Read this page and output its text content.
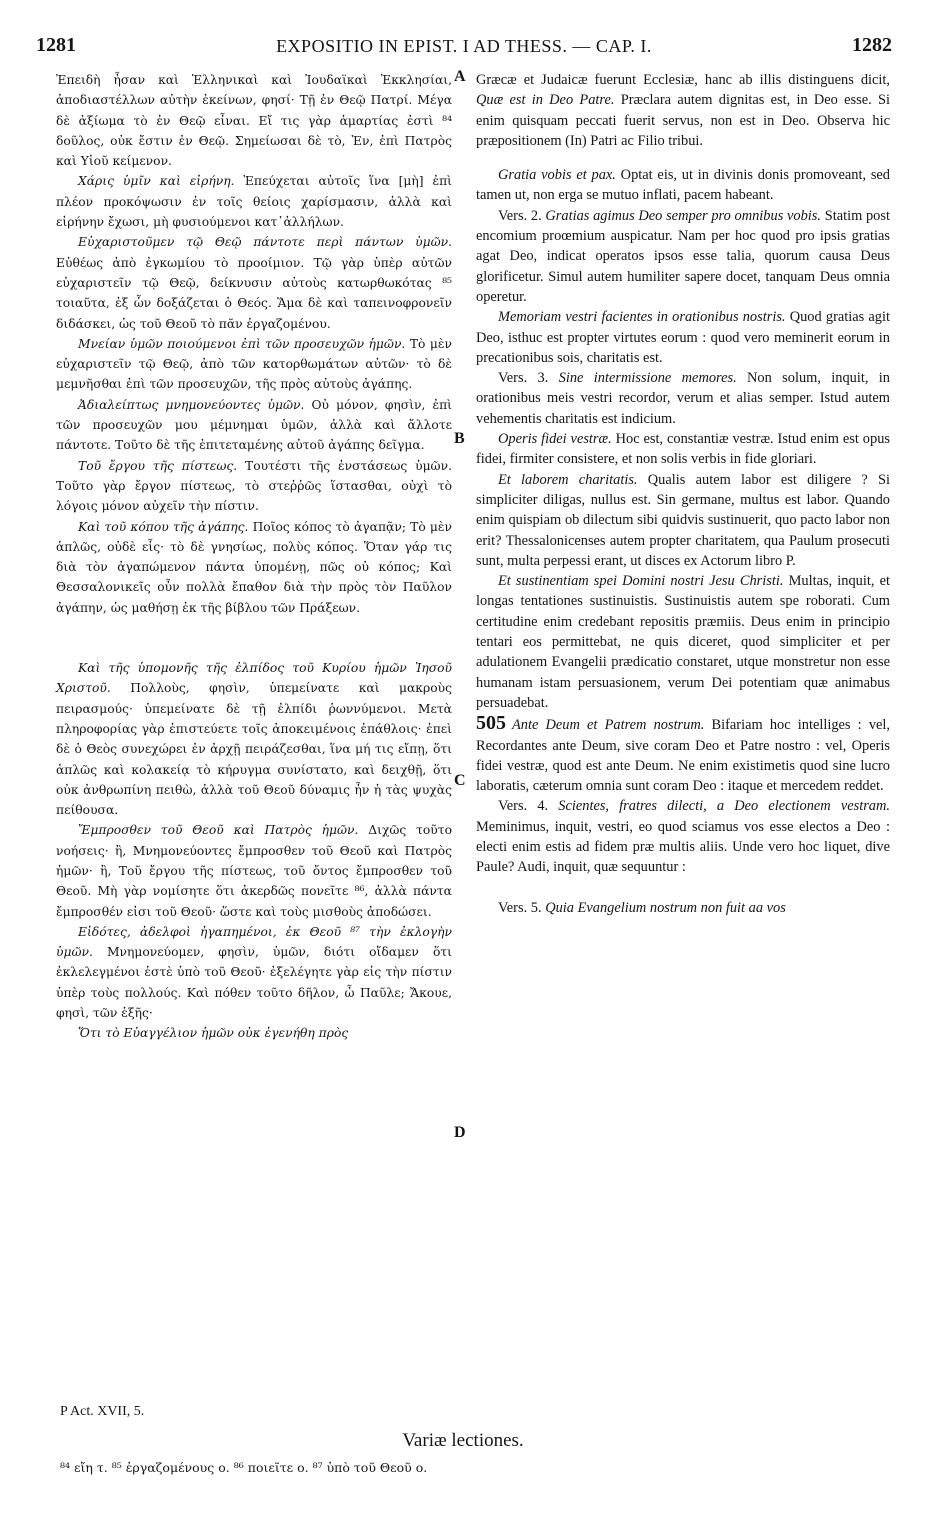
1281	EXPOSITIO IN EPIST. I AD THESS. — CAP. I.	1282
A
B
C
D

Ἐπειδὴ ἦσαν καὶ Ἑλληνικαὶ καὶ Ἰουδαϊκαὶ Ἐκκλησίαι, ἀποδιαστέλλων αὐτὴν ἐκείνων, φησί· Τῇ ἐν Θεῷ Πατρί. Μέγα δὲ ἀξίωμα τὸ ἐν Θεῷ εἶναι. Εἴ τις γὰρ ἁμαρτίας ἐστὶ ⁸⁴ δοῦλος, οὐκ ἔστιν ἐν Θεῷ. Σημείωσαι δὲ τὸ, Ἐν, ἐπὶ Πατρὸς καὶ Υἱοῦ κείμενον.

Χάρις ὑμῖν καὶ εἰρήνη. Ἐπεύχεται αὐτοῖς ἵνα [μὴ] ἐπὶ πλέον προκόψωσιν ἐν τοῖς θείοις χαρίσμασιν, ἀλλὰ καὶ εἰρήνην ἔχωσι, μὴ φυσιούμενοι κατ᾽ἀλλήλων.

Εὐχαριστοῦμεν τῷ Θεῷ πάντοτε περὶ πάντων ὑμῶν. Εὐθέως ἀπὸ ἐγκωμίου τὸ προοίμιον. Τῷ γὰρ ὑπὲρ αὐτῶν εὐχαριστεῖν τῷ Θεῷ, δείκνυσιν αὐτοὺς κατωρθωκότας ⁸⁵ τοιαῦτα, ἐξ ὧν δοξάζεται ὁ Θεός. Ἅμα δὲ καὶ ταπεινοφρονεῖν διδάσκει, ὡς τοῦ Θεοῦ τὸ πᾶν ἐργαζομένου.

Μνείαν ὑμῶν ποιούμενοι ἐπὶ τῶν προσευχῶν ἡμῶν. Τὸ μὲν εὐχαριστεῖν τῷ Θεῷ, ἀπὸ τῶν κατορθωμάτων αὐτῶν· τὸ δὲ μεμνῆσθαι ἐπὶ τῶν προσευχῶν, τῆς πρὸς αὐτοὺς ἀγάπης.

Ἀδιαλείπτως μνημονεύοντες ὑμῶν. Οὐ μόνον, φησὶν, ἐπὶ τῶν προσευχῶν μου μέμνημαι ὑμῶν, ἀλλὰ καὶ ἄλλοτε πάντοτε. Τοῦτο δὲ τῆς ἐπιτεταμένης αὐτοῦ ἀγάπης δεῖγμα.

Τοῦ ἔργου τῆς πίστεως. Τουτέστι τῆς ἐνστάσεως ὑμῶν. Τοῦτο γὰρ ἔργον πίστεως, τὸ στεῤῥῶς ἵστασθαι, οὐχὶ τὸ λόγοις μόνον αὐχεῖν τὴν πίστιν.

Καὶ τοῦ κόπου τῆς ἀγάπης. Ποῖος κόπος τὸ ἀγαπᾷν; Τὸ μὲν ἁπλῶς, οὐδὲ εἷς· τὸ δὲ γνησίως, πολὺς κόπος. Ὅταν γάρ τις διὰ τὸν ἀγαπώμενον πάντα ὑπομένῃ, πῶς οὐ κόπος; Καὶ Θεσσαλονικεῖς οὖν πολλὰ ἔπαθον διὰ τὴν πρὸς τὸν Παῦλον ἀγάπην, ὡς μαθήσῃ ἐκ τῆς βίβλου τῶν Πράξεων.

Καὶ τῆς ὑπομονῆς τῆς ἐλπίδος τοῦ Κυρίου ἡμῶν Ἰησοῦ Χριστοῦ. Πολλοὺς, φησὶν, ὑπεμείνατε καὶ μακροὺς πειρασμούς· ὑπεμείνατε δὲ τῇ ἐλπίδι ῥωννύμενοι. Μετὰ πληροφορίας γὰρ ἐπιστεύετε τοῖς ἀποκειμένοις ἐπάθλοις· ἐπεὶ δὲ ὁ Θεὸς συνεχώρει ἐν ἀρχῇ πειράζεσθαι, ἵνα μή τις εἴπῃ, ὅτι ἁπλῶς καὶ κολακείᾳ τὸ κήρυγμα συνίστατο, καὶ δειχθῇ, ὅτι οὐκ ἀνθρωπίνη πειθὼ, ἀλλὰ τοῦ Θεοῦ δύναμις ἦν ἡ τὰς ψυχὰς πείθουσα.

Ἔμπροσθεν τοῦ Θεοῦ καὶ Πατρὸς ἡμῶν. Διχῶς τοῦτο νοήσεις· ἢ, Μνημονεύοντες ἔμπροσθεν τοῦ Θεοῦ καὶ Πατρὸς ἡμῶν· ἢ, Τοῦ ἔργου τῆς πίστεως, τοῦ ὄντος ἔμπροσθεν τοῦ Θεοῦ. Μὴ γὰρ νομίσητε ὅτι ἀκερδῶς πονεῖτε ⁸⁶, ἀλλὰ πάντα ἔμπροσθέν εἰσι τοῦ Θεοῦ· ὥστε καὶ τοὺς μισθοὺς ἀποδώσει.

Εἰδότες, ἀδελφοὶ ἠγαπημένοι, ἐκ Θεοῦ ⁸⁷ τὴν ἐκλογὴν ὑμῶν. Μνημονεύομεν, φησὶν, ὑμῶν, διότι οἴδαμεν ὅτι ἐκλελεγμένοι ἐστὲ ὑπὸ τοῦ Θεοῦ· ἐξελέγητε γὰρ εἰς τὴν πίστιν ὑπὲρ τοὺς πολλούς. Καὶ πόθεν τοῦτο δῆλον, ὦ Παῦλε; Ἄκουε, φησὶ, τῶν ἑξῆς·

Ὅτι τὸ Εὐαγγέλιον ἡμῶν οὐκ ἐγενήθη πρὸς

Græcæ et Judaicæ fuerunt Ecclesiæ, hanc ab illis distinguens dicit, Quæ est in Deo Patre. Præclara autem dignitas est, in Deo esse. Si enim quisquam peccati fuerit servus, non est in Deo. Observa hic præpositionem (In) Patri ac Filio tribui.

Gratia vobis et pax. Optat eis, ut in divinis donis promoveant, sed tamen ut, non erga se mutuo inflati, pacem habeant.

Vers. 2. Gratias agimus Deo semper pro omnibus vobis. Statim post encomium proœmium auspicatur. Nam per hoc quod pro ipsis gratias agat Deo, indicat operatos ipsos esse talia, quorum causa Deus glorificetur. Simul autem humiliter sapere docet, tanquam Deus omnia operetur.

Memoriam vestri facientes in orationibus nostris. Quod gratias agit Deo, isthuc est propter virtutes eorum : quod vero meminerit eorum in precationibus sois, charitatis est.

Vers. 3. Sine intermissione memores. Non solum, inquit, in orationibus meis vestri recordor, verum et alias semper. Istud autem vehementis charitatis est indicium.

Operis fidei vestræ. Hoc est, constantiæ vestræ. Istud enim est opus fidei, firmiter consistere, et non solis verbis in fide gloriari.

Et laborem charitatis. Qualis autem labor est diligere ? Si simpliciter diligas, nullus est. Sin germane, multus est labor. Quando enim quispiam ob dilectum sibi quidvis sustinuerit, quo pacto labor non erit? Thessalonicenses autem propter charitatem, qua Paulum prosecuti sunt, multa perpessi erant, ut disces ex Actorum libro P.

Et sustinentiam spei Domini nostri Jesu Christi. Multas, inquit, et longas tentationes sustinuistis. Sustinuistis autem spe roborati. Cum certitudine enim credebant repositis præmiis. Deus enim in principio tentari eos permittebat, ne quis diceret, quod simpliciter et per adulationem Evangelii prædicatio constaret, utque monstretur non esse humanam istam persuasionem, verum Dei potentiam quæ animabus persuadebat.

505 Ante Deum et Patrem nostrum. Bifariam hoc intelliges : vel, Recordantes ante Deum, sive coram Deo et Patre nostro : vel, Operis fidei vestræ, quod est ante Deum. Ne enim existimetis quod sine lucro laboratis, cæterum omnia sunt coram Deo : itaque et mercedem reddet.

Vers. 4. Scientes, fratres dilecti, a Deo electionem vestram. Meminimus, inquit, vestri, eo quod sciamus vos esse electos a Deo : electi enim estis ad fidem præ multis aliis. Unde vero hoc liquet, dive Paule? Audi, inquit, quæ sequuntur :

Vers. 5. Quia Evangelium nostrum non fuit aa vos

P Act. XVII, 5.
Variæ lectiones.
⁸⁴ εἴη τ. ⁸⁵ ἐργαζομένους ο. ⁸⁶ ποιεῖτε ο. ⁸⁷ ὑπὸ τοῦ Θεοῦ ο.
